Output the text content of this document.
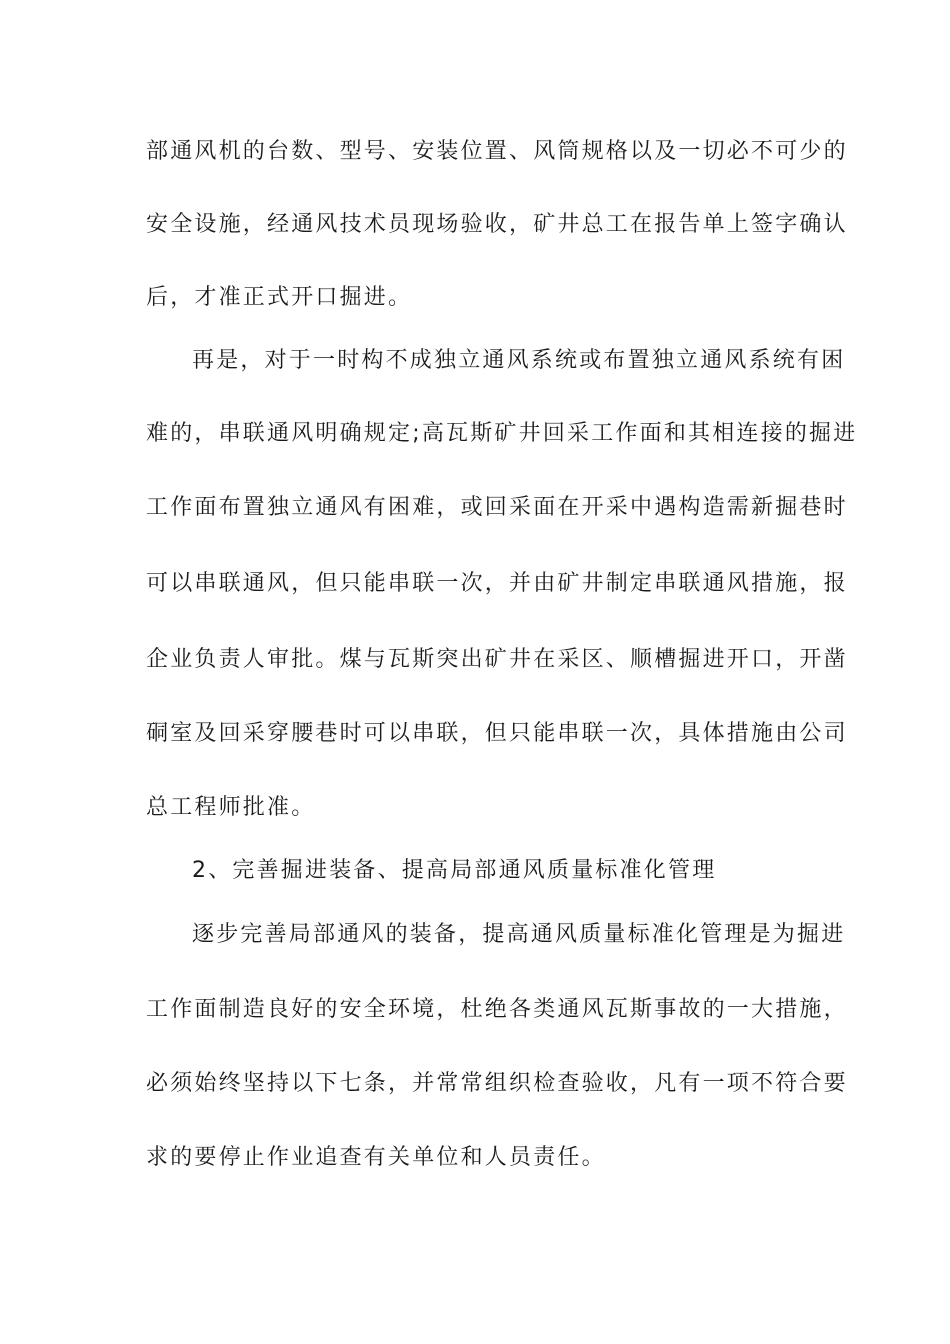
部通风机的台数、型号、安装位置、风筒规格以及一切必不可少的
安全设施，经通风技术员现场验收，矿井总工在报告单上签字确认
后，才准正式开口掘进。
再是，对于一时构不成独立通风系统或布置独立通风系统有困
难的，串联通风明确规定;高瓦斯矿井回采工作面和其相连接的掘进
工作面布置独立通风有困难，或回采面在开采中遇构造需新掘巷时
可以串联通风，但只能串联一次，并由矿井制定串联通风措施，报
企业负责人审批。煤与瓦斯突出矿井在采区、顺槽掘进开口，开凿
硐室及回采穿腰巷时可以串联，但只能串联一次，具体措施由公司
总工程师批准。
2、完善掘进装备、提高局部通风质量标准化管理
逐步完善局部通风的装备，提高通风质量标准化管理是为掘进
工作面制造良好的安全环境，杜绝各类通风瓦斯事故的一大措施，
必须始终坚持以下七条，并常常组织检查验收，凡有一项不符合要
求的要停止作业追查有关单位和人员责任。
